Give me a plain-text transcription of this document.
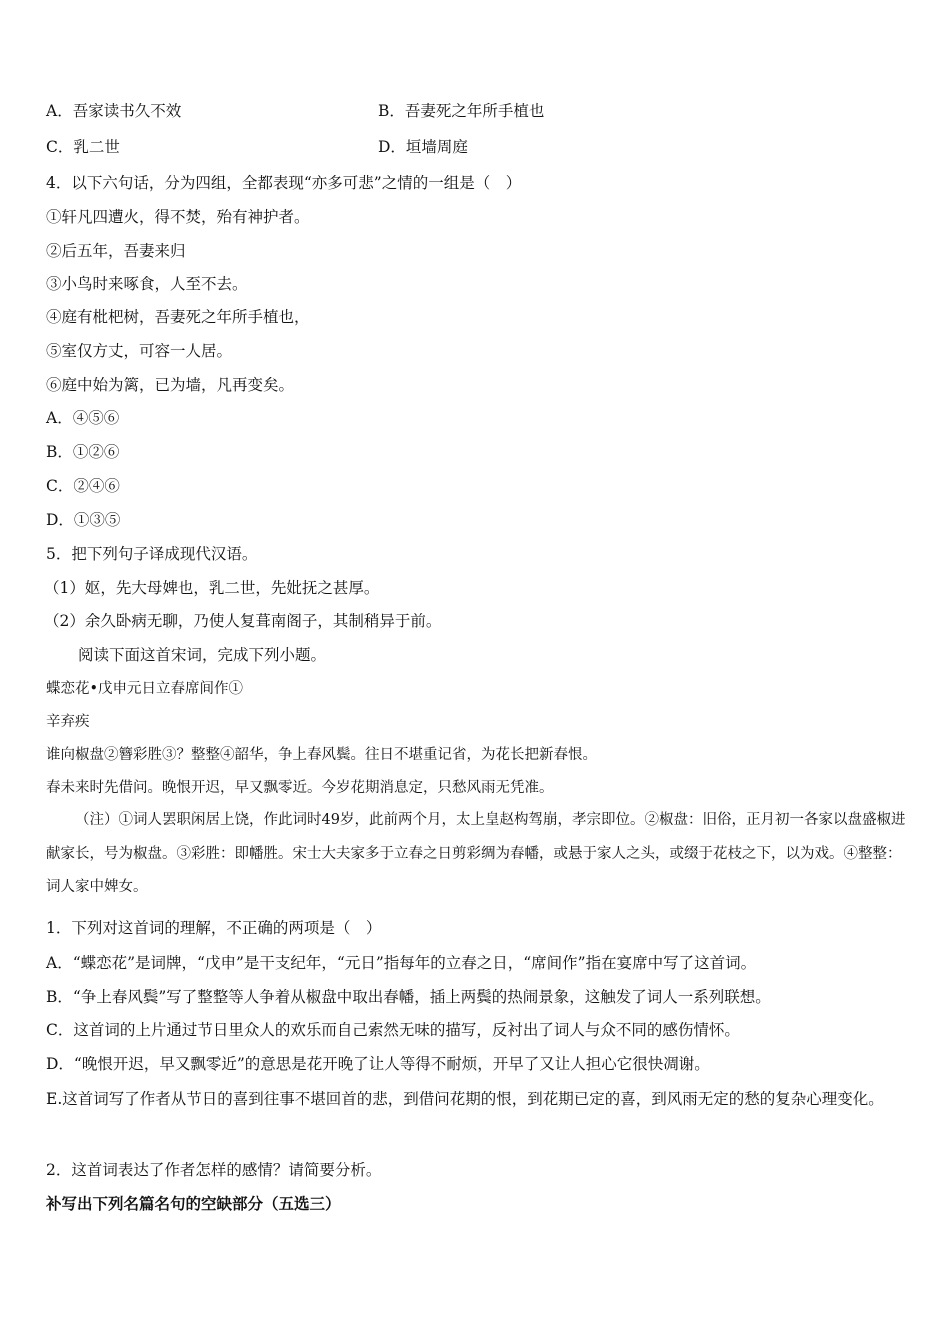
A．吾家读书久不效	B．吾妻死之年所手植也
C．乳二世	D．垣墙周庭
4．以下六句话，分为四组，全都表现“亦多可悲”之情的一组是（　）
①轩凡四遭火，得不焚，殆有神护者。
②后五年，吾妻来归
③小鸟时来啄食，人至不去。
④庭有枇杷树，吾妻死之年所手植也，
⑤室仅方丈，可容一人居。
⑥庭中始为篱，已为墙，凡再变矣。
A．④⑤⑥
B．①②⑥
C．②④⑥
D．①③⑤
5．把下列句子译成现代汉语。
（1）妪，先大母婢也，乳二世，先妣抚之甚厚。
（2）余久卧病无聊，乃使人复葺南阁子，其制稍异于前。
阅读下面这首宋词，完成下列小题。
蝶恋花•戊申元日立春席间作①
辛弃疾
谁向椒盘②簪彩胜③？整整④韶华，争上春风鬓。往日不堪重记省，为花长把新春恨。
春未来时先借问。晚恨开迟，早又飘零近。今岁花期消息定，只愁风雨无凭准。
（注）①词人罢职闲居上饶，作此词时49岁，此前两个月，太上皇赵构驾崩，孝宗即位。②椒盘：旧俗，正月初一各家以盘盛椒进献家长，号为椒盘。③彩胜：即幡胜。宋士大夫家多于立春之日剪彩绸为春幡，或悬于家人之头，或缀于花枝之下，以为戏。④整整：词人家中婢女。
1．下列对这首词的理解，不正确的两项是（　）
A．“蝶恋花”是词牌，“戊申”是干支纪年，“元日”指每年的立春之日，“席间作”指在宴席中写了这首词。
B．“争上春风鬓”写了整整等人争着从椒盘中取出春幡，插上两鬓的热闹景象，这触发了词人一系列联想。
C．这首词的上片通过节日里众人的欢乐而自己索然无味的描写，反衬出了词人与众不同的感伤情怀。
D．“晚恨开迟，早又飘零近”的意思是花开晚了让人等得不耐烦，开早了又让人担心它很快凋谢。
E.这首词写了作者从节日的喜到往事不堪回首的悲，到借问花期的恨，到花期已定的喜，到风雨无定的愁的复杂心理变化。
2．这首词表达了作者怎样的感情？请简要分析。
补写出下列名篇名句的空缺部分（五选三）
